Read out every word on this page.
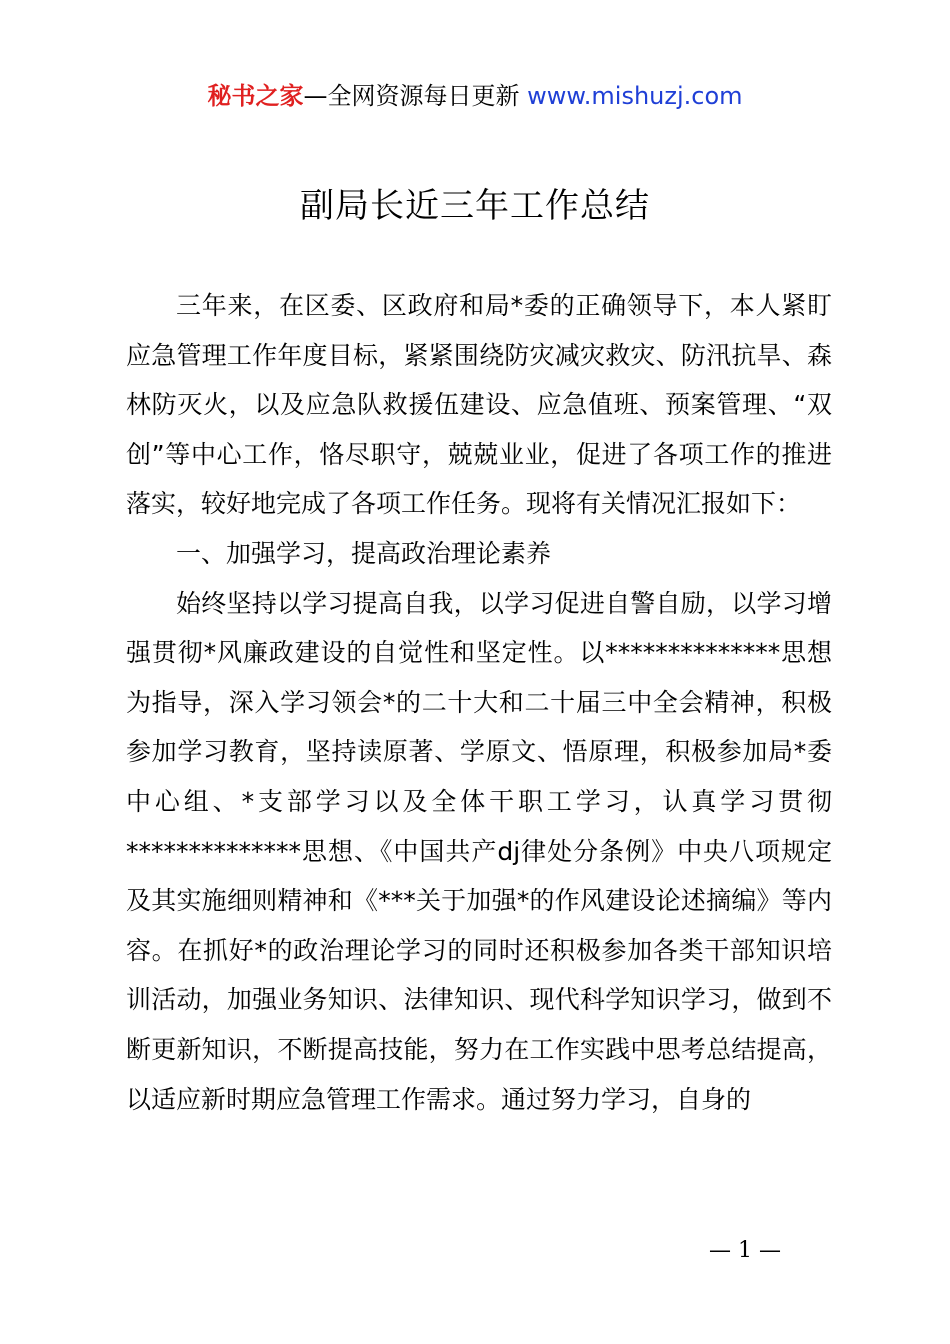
秘书之家—全网资源每日更新 www.mishuzj.com
副局长近三年工作总结

三年来，在区委、区政府和局*委的正确领导下，本人紧盯应急管理工作年度目标，紧紧围绕防灾减灾救灾、防汛抗旱、森林防灭火，以及应急队救援伍建设、应急值班、预案管理、“双创”等中心工作，恪尽职守，兢兢业业，促进了各项工作的推进落实，较好地完成了各项工作任务。现将有关情况汇报如下：

一、加强学习，提高政治理论素养

始终坚持以学习提高自我，以学习促进自警自励，以学习增强贯彻*风廉政建设的自觉性和坚定性。以**************思想为指导，深入学习领会*的二十大和二十届三中全会精神，积极参加学习教育，坚持读原著、学原文、悟原理，积极参加局*委中心组、*支部学习以及全体干职工学习，认真学习贯彻**************思想、《中国共产dj律处分条例》中央八项规定及其实施细则精神和《***关于加强*的作风建设论述摘编》等内容。在抓好*的政治理论学习的同时还积极参加各类干部知识培训活动，加强业务知识、法律知识、现代科学知识学习，做到不断更新知识，不断提高技能，努力在工作实践中思考总结提高，以适应新时期应急管理工作需求。通过努力学习，自身的

— 1 —
